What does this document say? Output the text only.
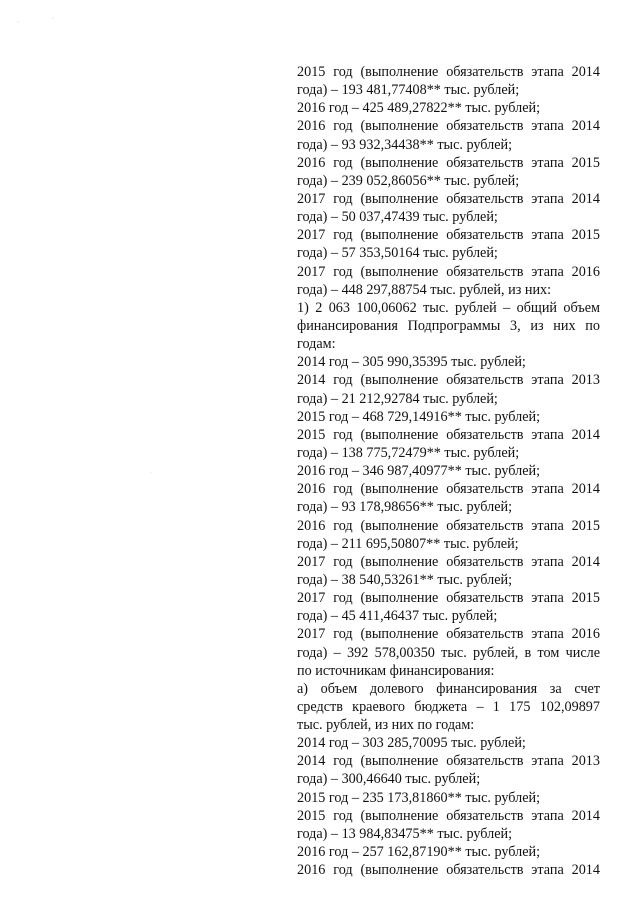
·
·
·
2015 год (выполнение обязательств этапа 2014
года) – 193 481,77408** тыс. рублей;
2016 год – 425 489,27822** тыс. рублей;
2016 год (выполнение обязательств этапа 2014
года) – 93 932,34438** тыс. рублей;
2016 год (выполнение обязательств этапа 2015
года) – 239 052,86056** тыс. рублей;
2017 год (выполнение обязательств этапа 2014
года) – 50 037,47439 тыс. рублей;
2017 год (выполнение обязательств этапа 2015
года) – 57 353,50164 тыс. рублей;
2017 год (выполнение обязательств этапа 2016
года) – 448 297,88754 тыс. рублей, из них:
1) 2 063 100,06062 тыс. рублей – общий объем
финансирования Подпрограммы 3, из них по
годам:
2014 год – 305 990,35395 тыс. рублей;
2014 год (выполнение обязательств этапа 2013
года) – 21 212,92784 тыс. рублей;
2015 год – 468 729,14916** тыс. рублей;
2015 год (выполнение обязательств этапа 2014
года) – 138 775,72479** тыс. рублей;
2016 год – 346 987,40977** тыс. рублей;
2016 год (выполнение обязательств этапа 2014
года) – 93 178,98656** тыс. рублей;
2016 год (выполнение обязательств этапа 2015
года) – 211 695,50807** тыс. рублей;
2017 год (выполнение обязательств этапа 2014
года) – 38 540,53261** тыс. рублей;
2017 год (выполнение обязательств этапа 2015
года) – 45 411,46437 тыс. рублей;
2017 год (выполнение обязательств этапа 2016
года) – 392 578,00350 тыс. рублей, в том числе
по источникам финансирования:
а) объем долевого финансирования за счет
средств краевого бюджета – 1 175 102,09897
тыс. рублей, из них по годам:
2014 год – 303 285,70095 тыс. рублей;
2014 год (выполнение обязательств этапа 2013
года) – 300,46640 тыс. рублей;
2015 год – 235 173,81860** тыс. рублей;
2015 год (выполнение обязательств этапа 2014
года) – 13 984,83475** тыс. рублей;
2016 год – 257 162,87190** тыс. рублей;
2016 год (выполнение обязательств этапа 2014
